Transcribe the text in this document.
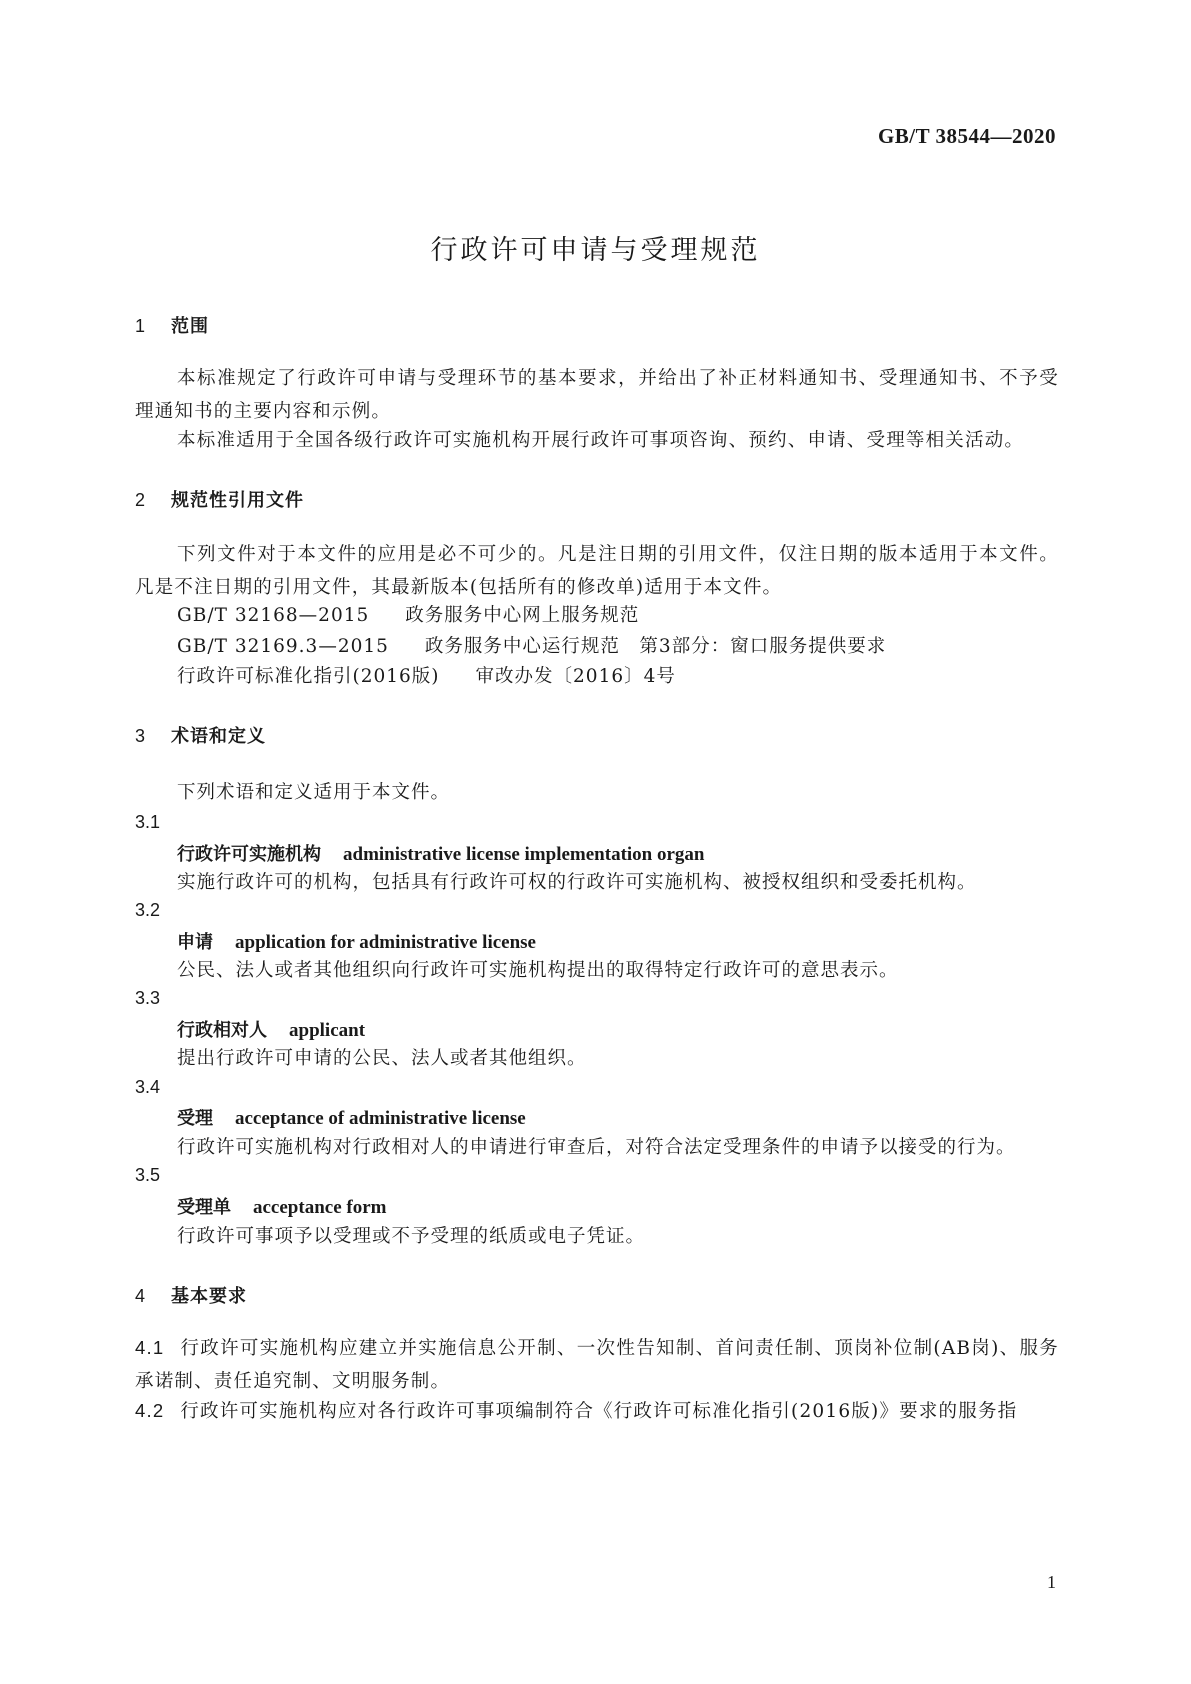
GB/T 38544—2020
行政许可申请与受理规范
1 范围
本标准规定了行政许可申请与受理环节的基本要求，并给出了补正材料通知书、受理通知书、不予受理通知书的主要内容和示例。
本标准适用于全国各级行政许可实施机构开展行政许可事项咨询、预约、申请、受理等相关活动。
2 规范性引用文件
下列文件对于本文件的应用是必不可少的。凡是注日期的引用文件，仅注日期的版本适用于本文件。凡是不注日期的引用文件，其最新版本(包括所有的修改单)适用于本文件。
GB/T 32168—2015 政务服务中心网上服务规范
GB/T 32169.3—2015 政务服务中心运行规范　第3部分：窗口服务提供要求
行政许可标准化指引(2016版) 审改办发〔2016〕4号
3 术语和定义
下列术语和定义适用于本文件。
3.1
行政许可实施机构 administrative license implementation organ
实施行政许可的机构，包括具有行政许可权的行政许可实施机构、被授权组织和受委托机构。
3.2
申请 application for administrative license
公民、法人或者其他组织向行政许可实施机构提出的取得特定行政许可的意思表示。
3.3
行政相对人 applicant
提出行政许可申请的公民、法人或者其他组织。
3.4
受理 acceptance of administrative license
行政许可实施机构对行政相对人的申请进行审查后，对符合法定受理条件的申请予以接受的行为。
3.5
受理单 acceptance form
行政许可事项予以受理或不予受理的纸质或电子凭证。
4 基本要求
4.1 行政许可实施机构应建立并实施信息公开制、一次性告知制、首问责任制、顶岗补位制(AB岗)、服务承诺制、责任追究制、文明服务制。
4.2 行政许可实施机构应对各行政许可事项编制符合《行政许可标准化指引(2016版)》要求的服务指
1
